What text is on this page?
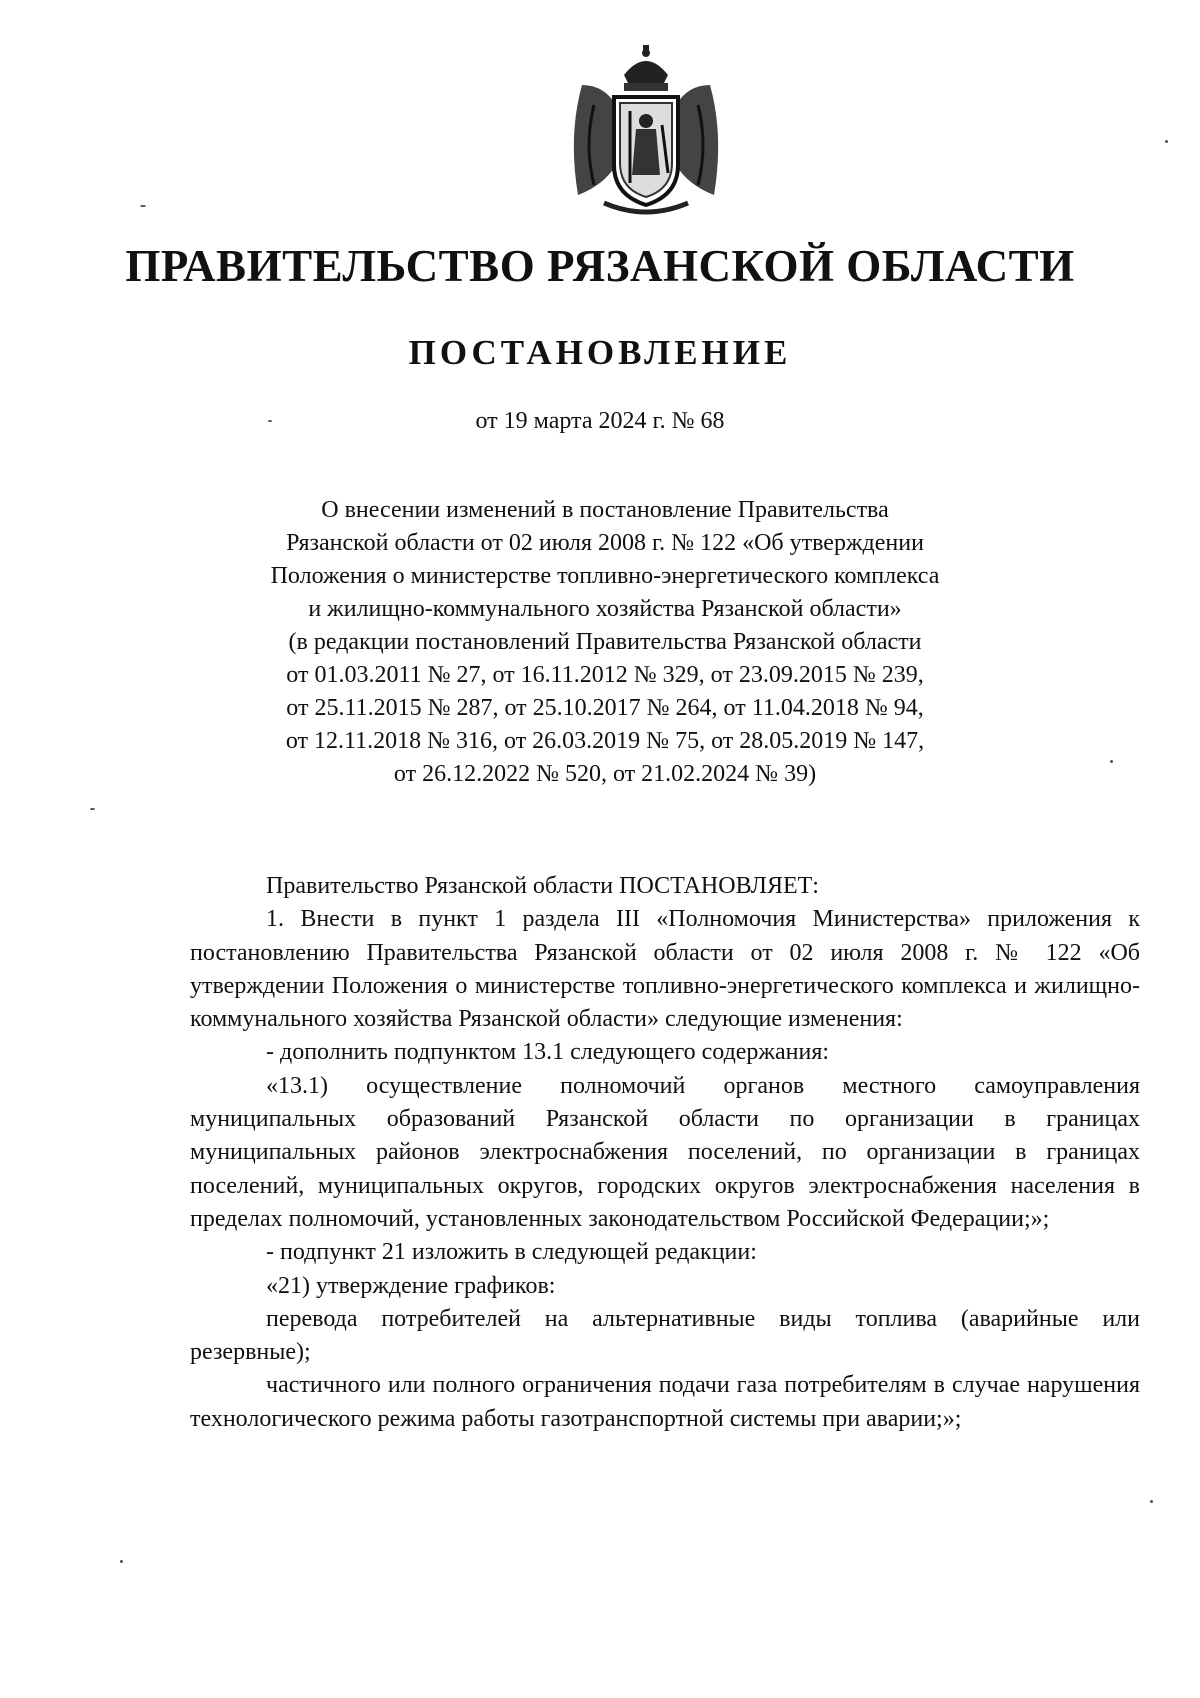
ПРАВИТЕЛЬСТВО РЯЗАНСКОЙ ОБЛАСТИ
ПОСТАНОВЛЕНИЕ
от 19 марта 2024 г. № 68
О внесении изменений в постановление Правительства
Рязанской области от 02 июля 2008 г. № 122 «Об утверждении
Положения о министерстве топливно-энергетического комплекса
и жилищно-коммунального хозяйства Рязанской области»
(в редакции постановлений Правительства Рязанской области
от 01.03.2011 № 27, от 16.11.2012 № 329, от 23.09.2015 № 239,
от 25.11.2015 № 287, от 25.10.2017 № 264, от 11.04.2018 № 94,
от 12.11.2018 № 316, от 26.03.2019 № 75, от 28.05.2019 № 147,
от 26.12.2022 № 520, от 21.02.2024 № 39)

Правительство Рязанской области ПОСТАНОВЛЯЕТ:

1. Внести в пункт 1 раздела III «Полномочия Министерства» приложения к постановлению Правительства Рязанской области от 02 июля 2008 г. № 122 «Об утверждении Положения о министерстве топливно-энергетического комплекса и жилищно-коммунального хозяйства Рязанской области» следующие изменения:

- дополнить подпунктом 13.1 следующего содержания:

«13.1) осуществление полномочий органов местного самоуправления муниципальных образований Рязанской области по организации в границах муниципальных районов электроснабжения поселений, по организации в границах поселений, муниципальных округов, городских округов электроснабжения населения в пределах полномочий, установленных законодательством Российской Федерации;»;

- подпункт 21 изложить в следующей редакции:

«21) утверждение графиков:

перевода потребителей на альтернативные виды топлива (аварийные или резервные);

частичного или полного ограничения подачи газа потребителям в случае нарушения технологического режима работы газотранспортной системы при аварии;»;
